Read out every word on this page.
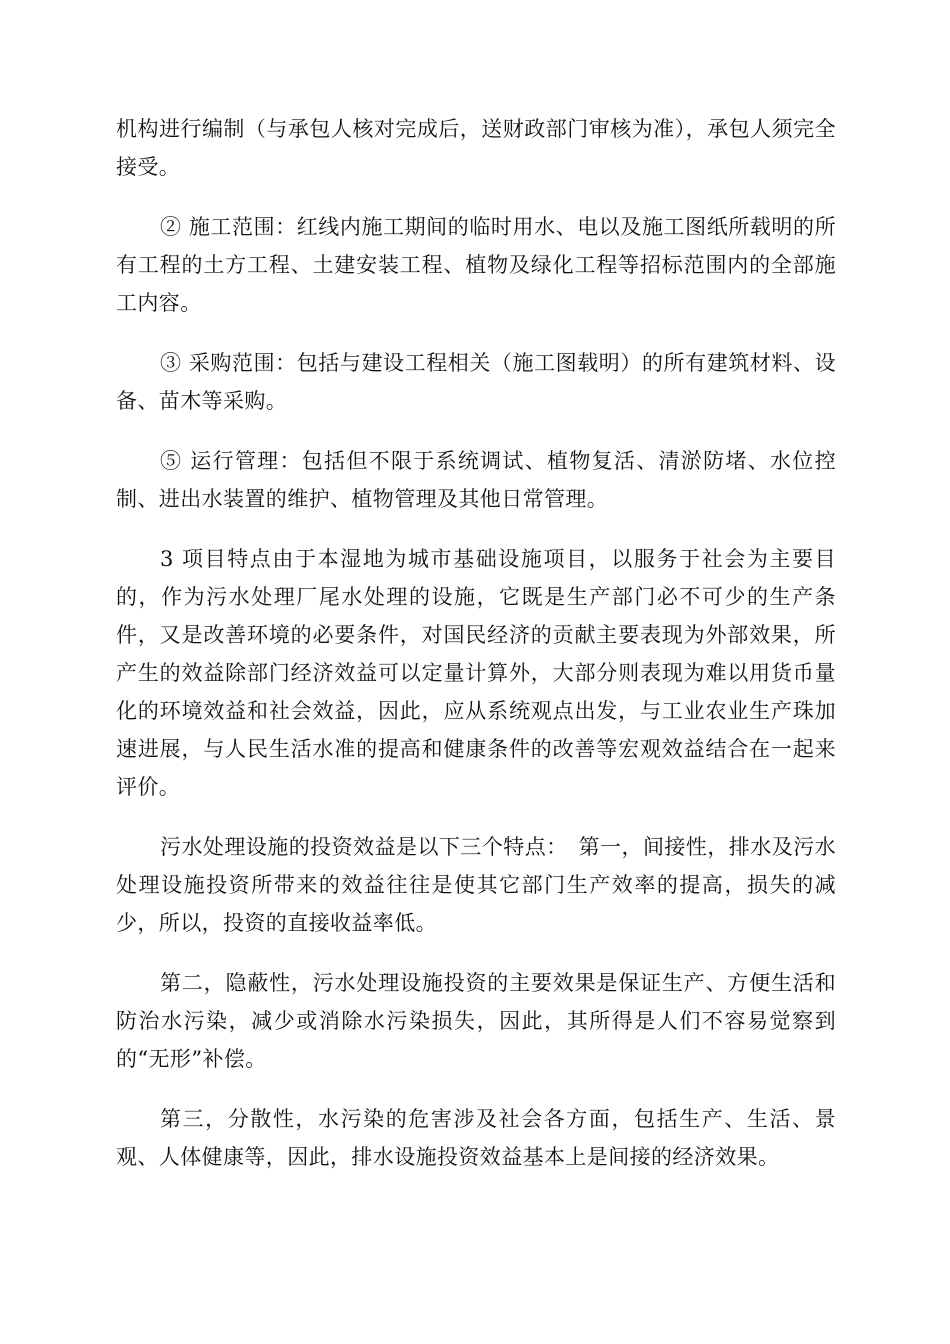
机构进行编制（与承包人核对完成后，送财政部门审核为准），承包人须完全接受。

② 施工范围：红线内施工期间的临时用水、电以及施工图纸所载明的所有工程的土方工程、土建安装工程、植物及绿化工程等招标范围内的全部施工内容。

③ 采购范围：包括与建设工程相关（施工图载明）的所有建筑材料、设备、苗木等采购。

⑤ 运行管理：包括但不限于系统调试、植物复活、清淤防堵、水位控制、进出水装置的维护、植物管理及其他日常管理。

3 项目特点由于本湿地为城市基础设施项目，以服务于社会为主要目的，作为污水处理厂尾水处理的设施，它既是生产部门必不可少的生产条件，又是改善环境的必要条件，对国民经济的贡献主要表现为外部效果，所产生的效益除部门经济效益可以定量计算外，大部分则表现为难以用货币量化的环境效益和社会效益，因此，应从系统观点出发，与工业农业生产珠加速进展，与人民生活水准的提高和健康条件的改善等宏观效益结合在一起来评价。

污水处理设施的投资效益是以下三个特点：　第一，间接性，排水及污水处理设施投资所带来的效益往往是使其它部门生产效率的提高，损失的减少，所以，投资的直接收益率低。

第二，隐蔽性，污水处理设施投资的主要效果是保证生产、方便生活和防治水污染，减少或消除水污染损失，因此，其所得是人们不容易觉察到的“无形”补偿。

第三，分散性，水污染的危害涉及社会各方面，包括生产、生活、景观、人体健康等，因此，排水设施投资效益基本上是间接的经济效果。
